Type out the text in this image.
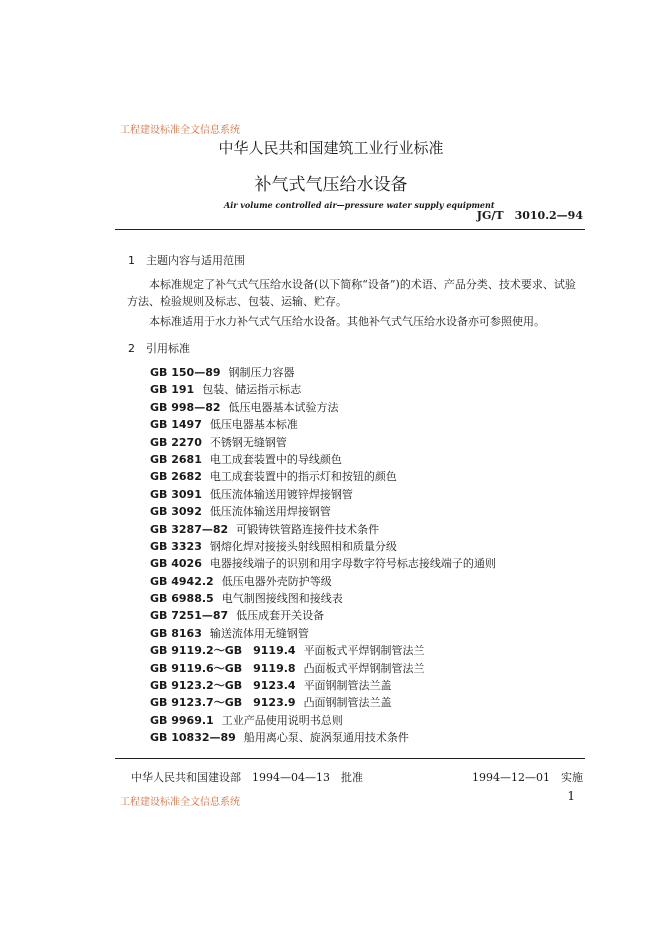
工程建设标准全文信息系统
中华人民共和国建筑工业行业标准
补气式气压给水设备
Air volume controlled air—pressure water supply equipment
JG/T　3010.2—94
1　主题内容与适用范围
本标准规定了补气式气压给水设备(以下简称“设备”)的术语、产品分类、技术要求、试验方法、检验规则及标志、包装、运输、贮存。
本标准适用于水力补气式气压给水设备。其他补气式气压给水设备亦可参照使用。
2　引用标准
GB 150—89 钢制压力容器
GB 191 包装、储运指示标志
GB 998—82 低压电器基本试验方法
GB 1497 低压电器基本标准
GB 2270 不锈钢无缝钢管
GB 2681 电工成套装置中的导线颜色
GB 2682 电工成套装置中的指示灯和按钮的颜色
GB 3091 低压流体输送用镀锌焊接钢管
GB 3092 低压流体输送用焊接钢管
GB 3287—82 可锻铸铁管路连接件技术条件
GB 3323 钢熔化焊对接接头射线照相和质量分级
GB 4026 电器接线端子的识别和用字母数字符号标志接线端子的通则
GB 4942.2 低压电器外壳防护等级
GB 6988.5 电气制图接线图和接线表
GB 7251—87 低压成套开关设备
GB 8163 输送流体用无缝钢管
GB 9119.2～GB　9119.4 平面板式平焊钢制管法兰
GB 9119.6～GB　9119.8 凸面板式平焊钢制管法兰
GB 9123.2～GB　9123.4 平面钢制管法兰盖
GB 9123.7～GB　9123.9 凸面钢制管法兰盖
GB 9969.1 工业产品使用说明书总则
GB 10832—89 船用离心泵、旋涡泵通用技术条件
中华人民共和国建设部　1994—04—13　批准	1994—12—01　实施
1
工程建设标准全文信息系统
